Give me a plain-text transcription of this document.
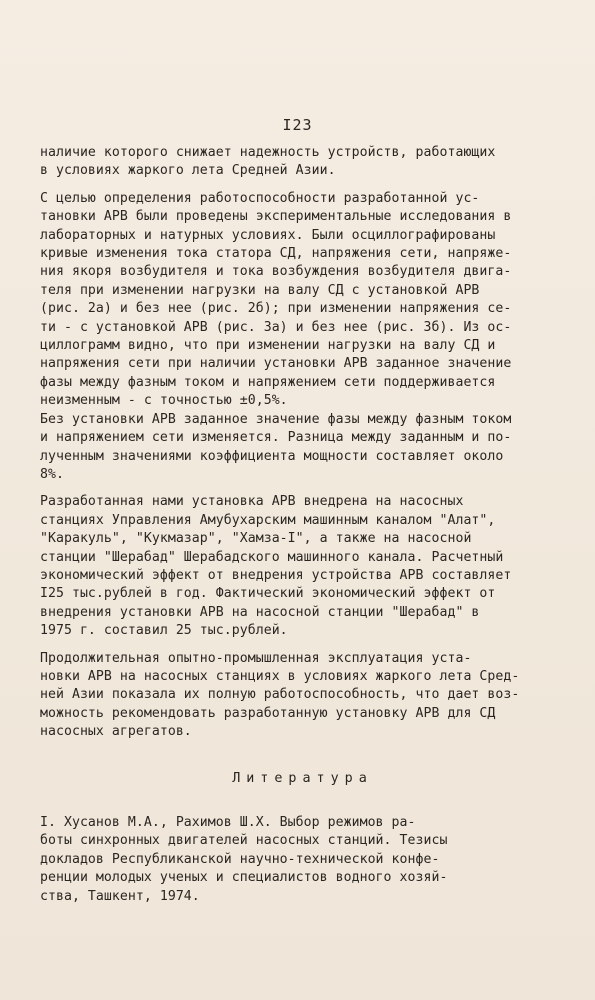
I23
наличие которого снижает надежность устройств, работающих
в условиях жаркого лета Средней Азии.
С целью определения работоспособности разработанной ус-
тановки АРВ были проведены экспериментальные исследования в
лабораторных и натурных условиях. Были осциллографированы
кривые изменения тока статора СД, напряжения сети, напряже-
ния якоря возбудителя и тока возбуждения возбудителя двига-
теля при изменении нагрузки на валу СД с установкой АРВ
(рис. 2а) и без нее (рис. 2б); при изменении напряжения се-
ти - с установкой АРВ (рис. 3а) и без нее (рис. 3б). Из ос-
циллограмм видно, что при изменении нагрузки на валу СД и
напряжения сети при наличии установки АРВ заданное значение
фазы между фазным током и напряжением сети поддерживается
неизменным - с точностью ±0,5%.
Без установки АРВ заданное значение фазы между фазным током
и напряжением сети изменяется. Разница между заданным и по-
лученным значениями коэффициента мощности составляет около
8%.
Разработанная нами установка АРВ внедрена на насосных
станциях Управления Амубухарским машинным каналом "Алат",
"Каракуль", "Кукмазар", "Хамза-I", а также на насосной
станции "Шерабад" Шерабадского машинного канала. Расчетный
экономический эффект от внедрения устройства АРВ составляет
I25 тыс.рублей в год. Фактический экономический эффект от
внедрения установки АРВ на насосной станции "Шерабад" в
1975 г. составил 25 тыс.рублей.
Продолжительная опытно-промышленная эксплуатация уста-
новки АРВ на насосных станциях в условиях жаркого лета Сред-
ней Азии показала их полную работоспособность, что дает воз-
можность рекомендовать разработанную установку АРВ для СД
насосных агрегатов.
Литература
I. Хусанов М.А., Рахимов Ш.Х. Выбор режимов ра-
боты синхронных двигателей насосных станций. Тезисы
докладов Республиканской научно-технической конфе-
ренции молодых ученых и специалистов водного хозяй-
ства, Ташкент, 1974.
